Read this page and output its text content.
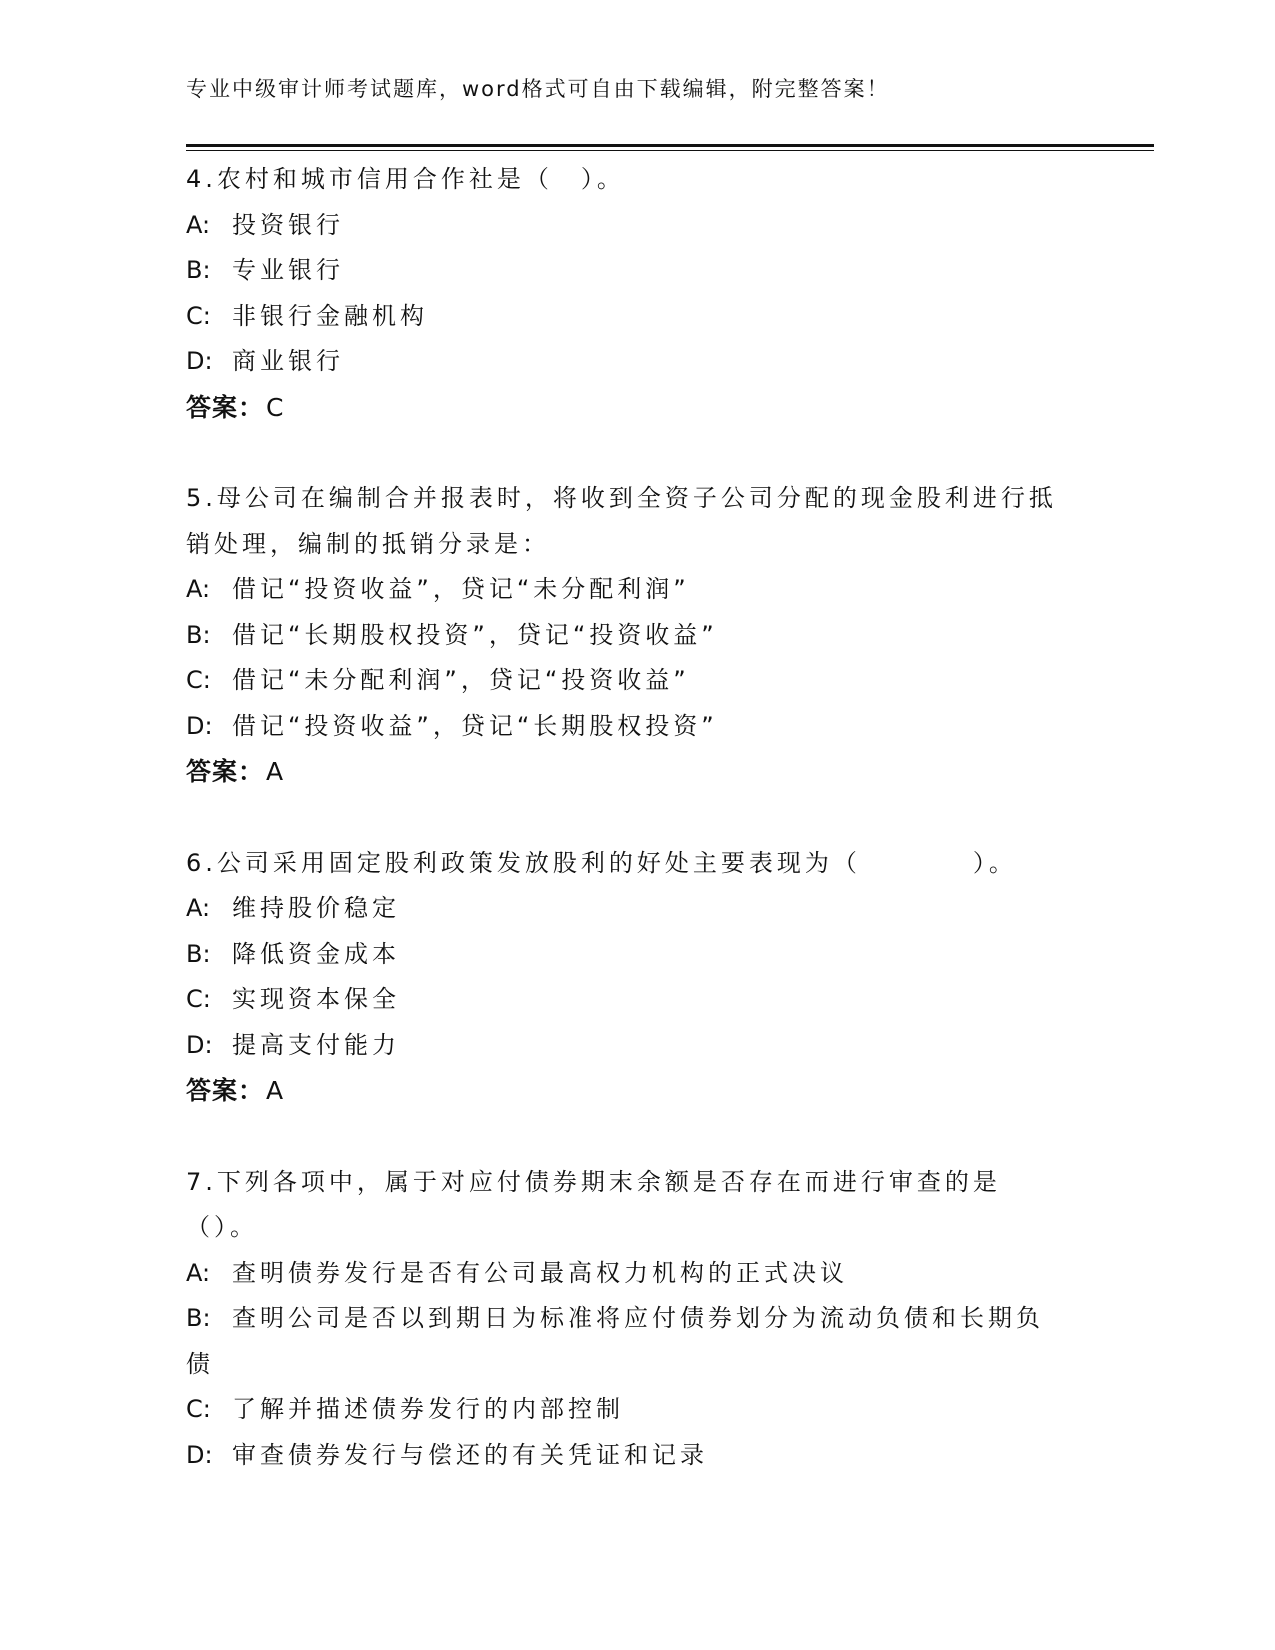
专业中级审计师考试题库，word格式可自由下载编辑，附完整答案！
4.农村和城市信用合作社是（　）。
A: 投资银行
B: 专业银行
C: 非银行金融机构
D: 商业银行
答案：C
5.母公司在编制合并报表时，将收到全资子公司分配的现金股利进行抵销处理，编制的抵销分录是：
A: 借记“投资收益”，贷记“未分配利润”
B: 借记“长期股权投资”，贷记“投资收益”
C: 借记“未分配利润”，贷记“投资收益”
D: 借记“投资收益”，贷记“长期股权投资”
答案：A
6.公司采用固定股利政策发放股利的好处主要表现为（　　　　）。
A: 维持股价稳定
B: 降低资金成本
C: 实现资本保全
D: 提高支付能力
答案：A
7.下列各项中，属于对应付债券期末余额是否存在而进行审查的是（）。
A: 查明债券发行是否有公司最高权力机构的正式决议
B: 查明公司是否以到期日为标准将应付债券划分为流动负债和长期负债
C: 了解并描述债券发行的内部控制
D: 审查债券发行与偿还的有关凭证和记录
